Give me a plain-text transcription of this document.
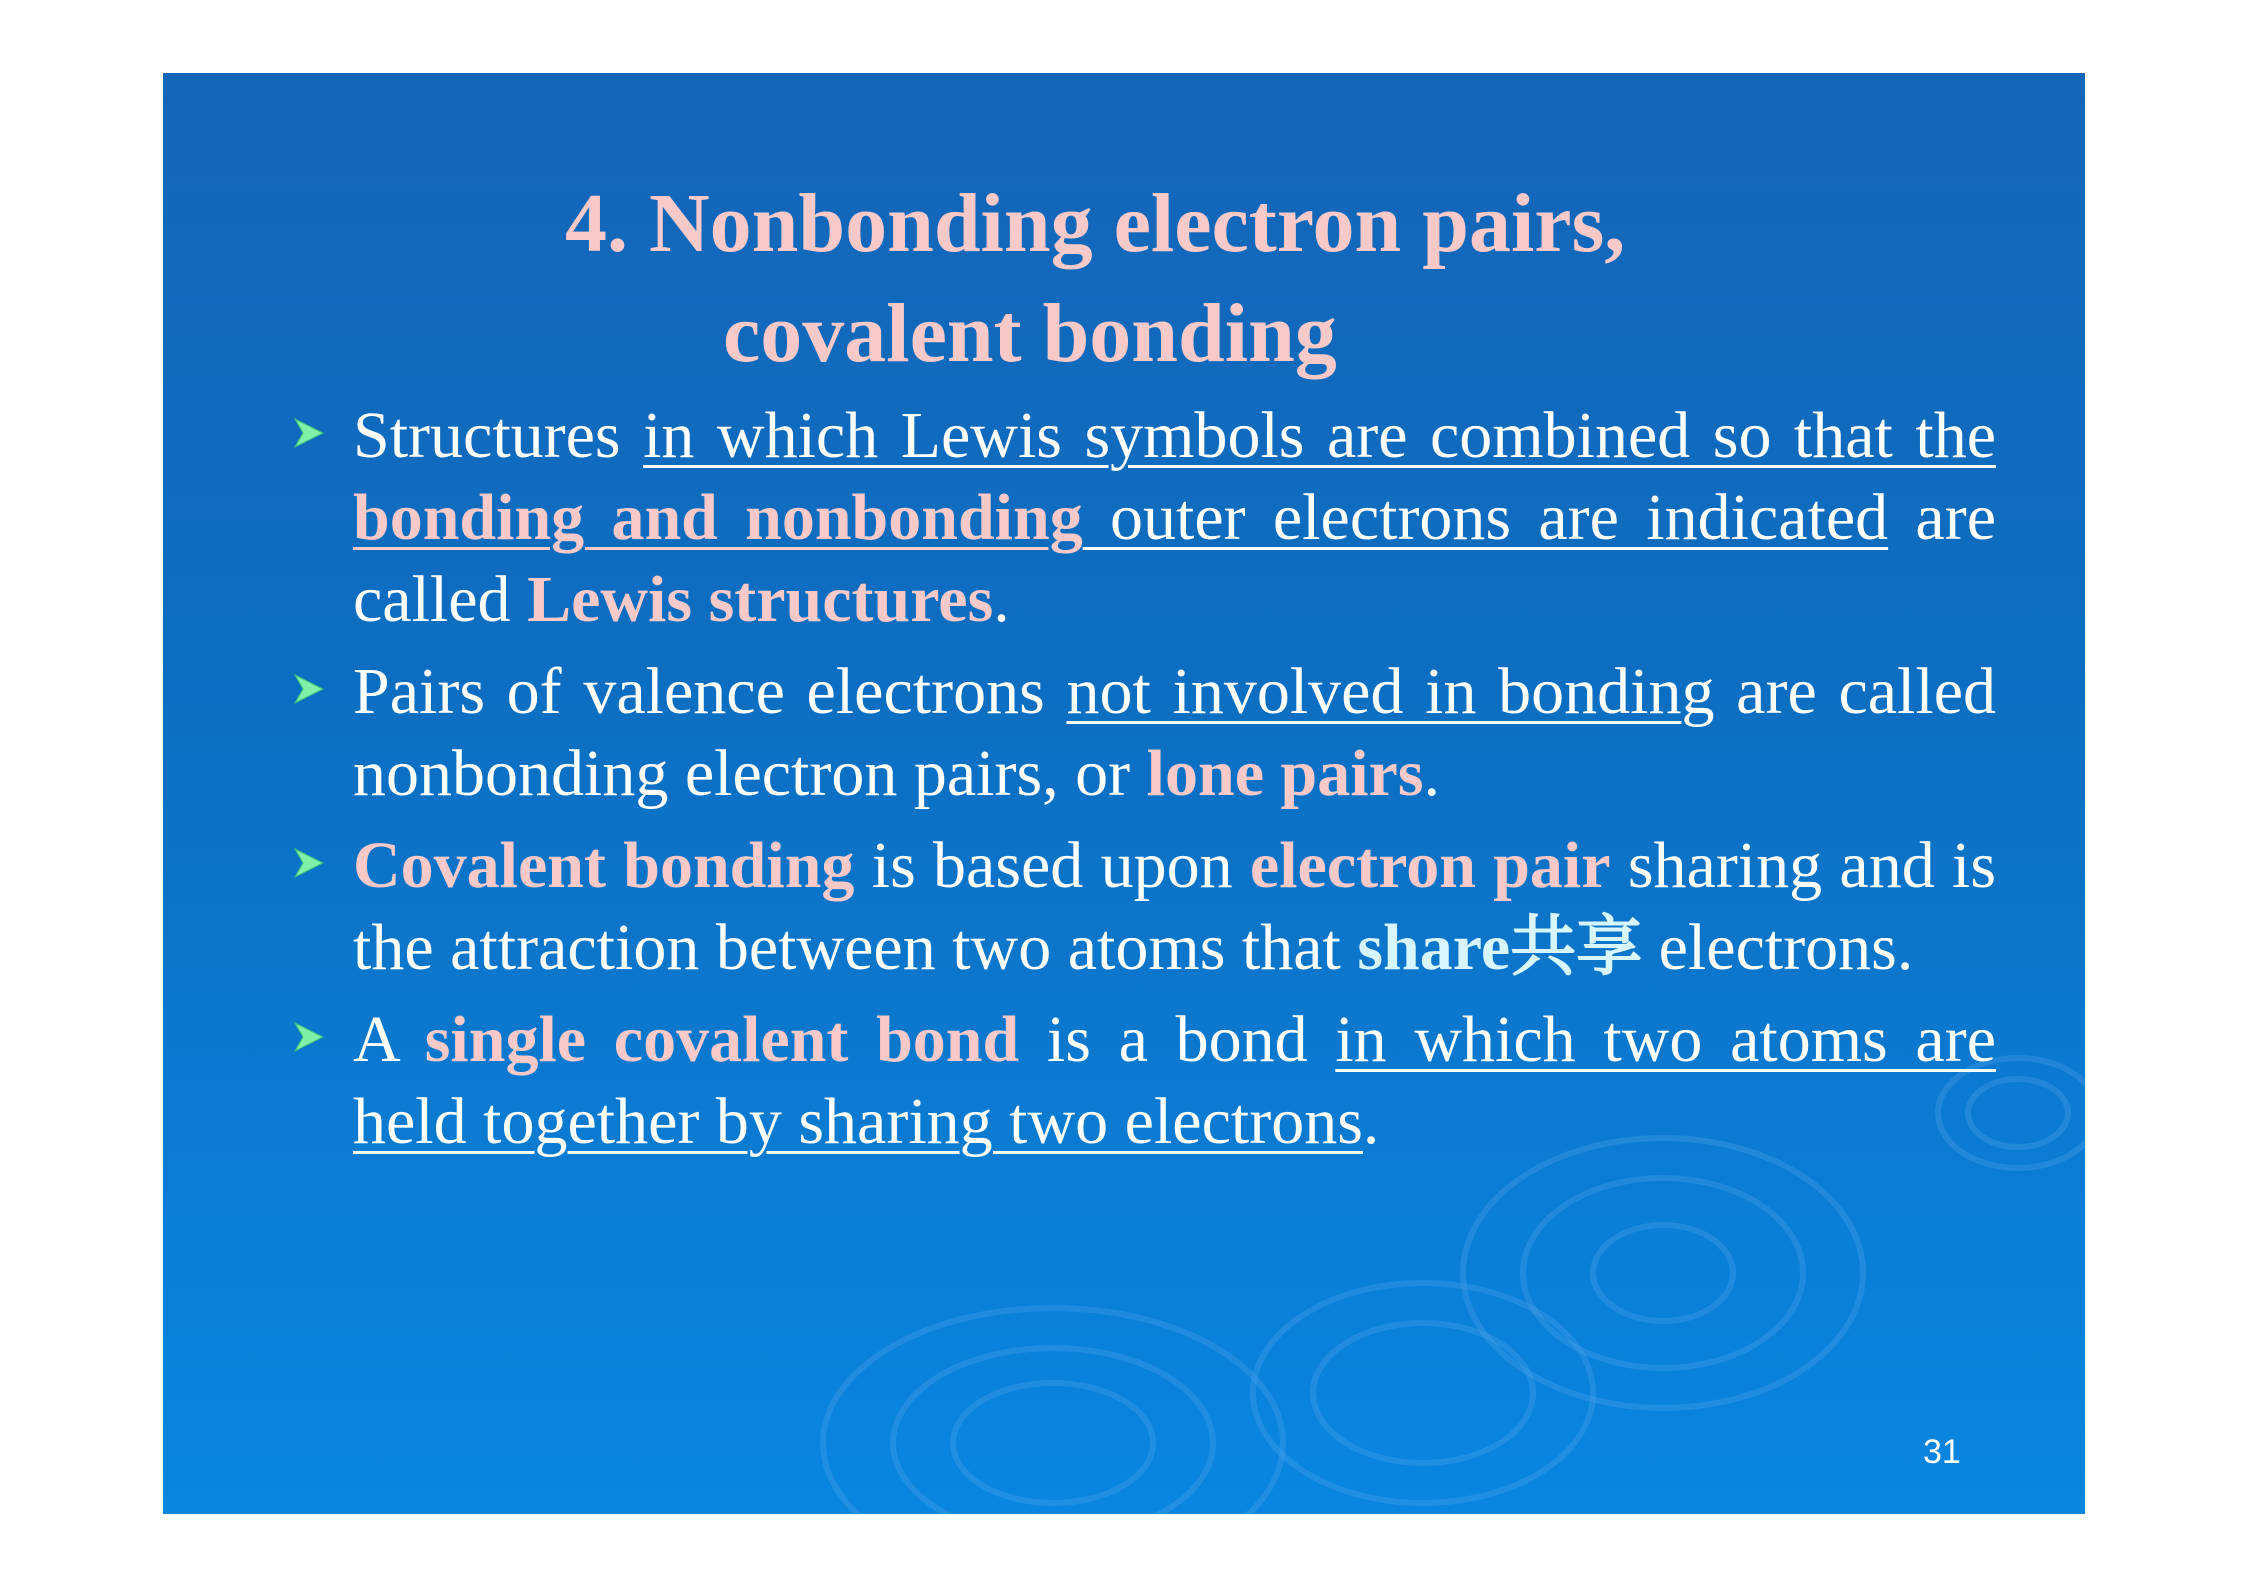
4. Nonbonding electron pairs,
covalent bonding
Structures in which Lewis symbols are combined so that the bonding and nonbonding outer electrons are indicated are called Lewis structures.
Pairs of valence electrons not involved in bonding are called nonbonding electron pairs, or lone pairs.
Covalent bonding is based upon electron pair sharing and is the attraction between two atoms that share共享 electrons.
A single covalent bond is a bond in which two atoms are held together by sharing two electrons.
31
